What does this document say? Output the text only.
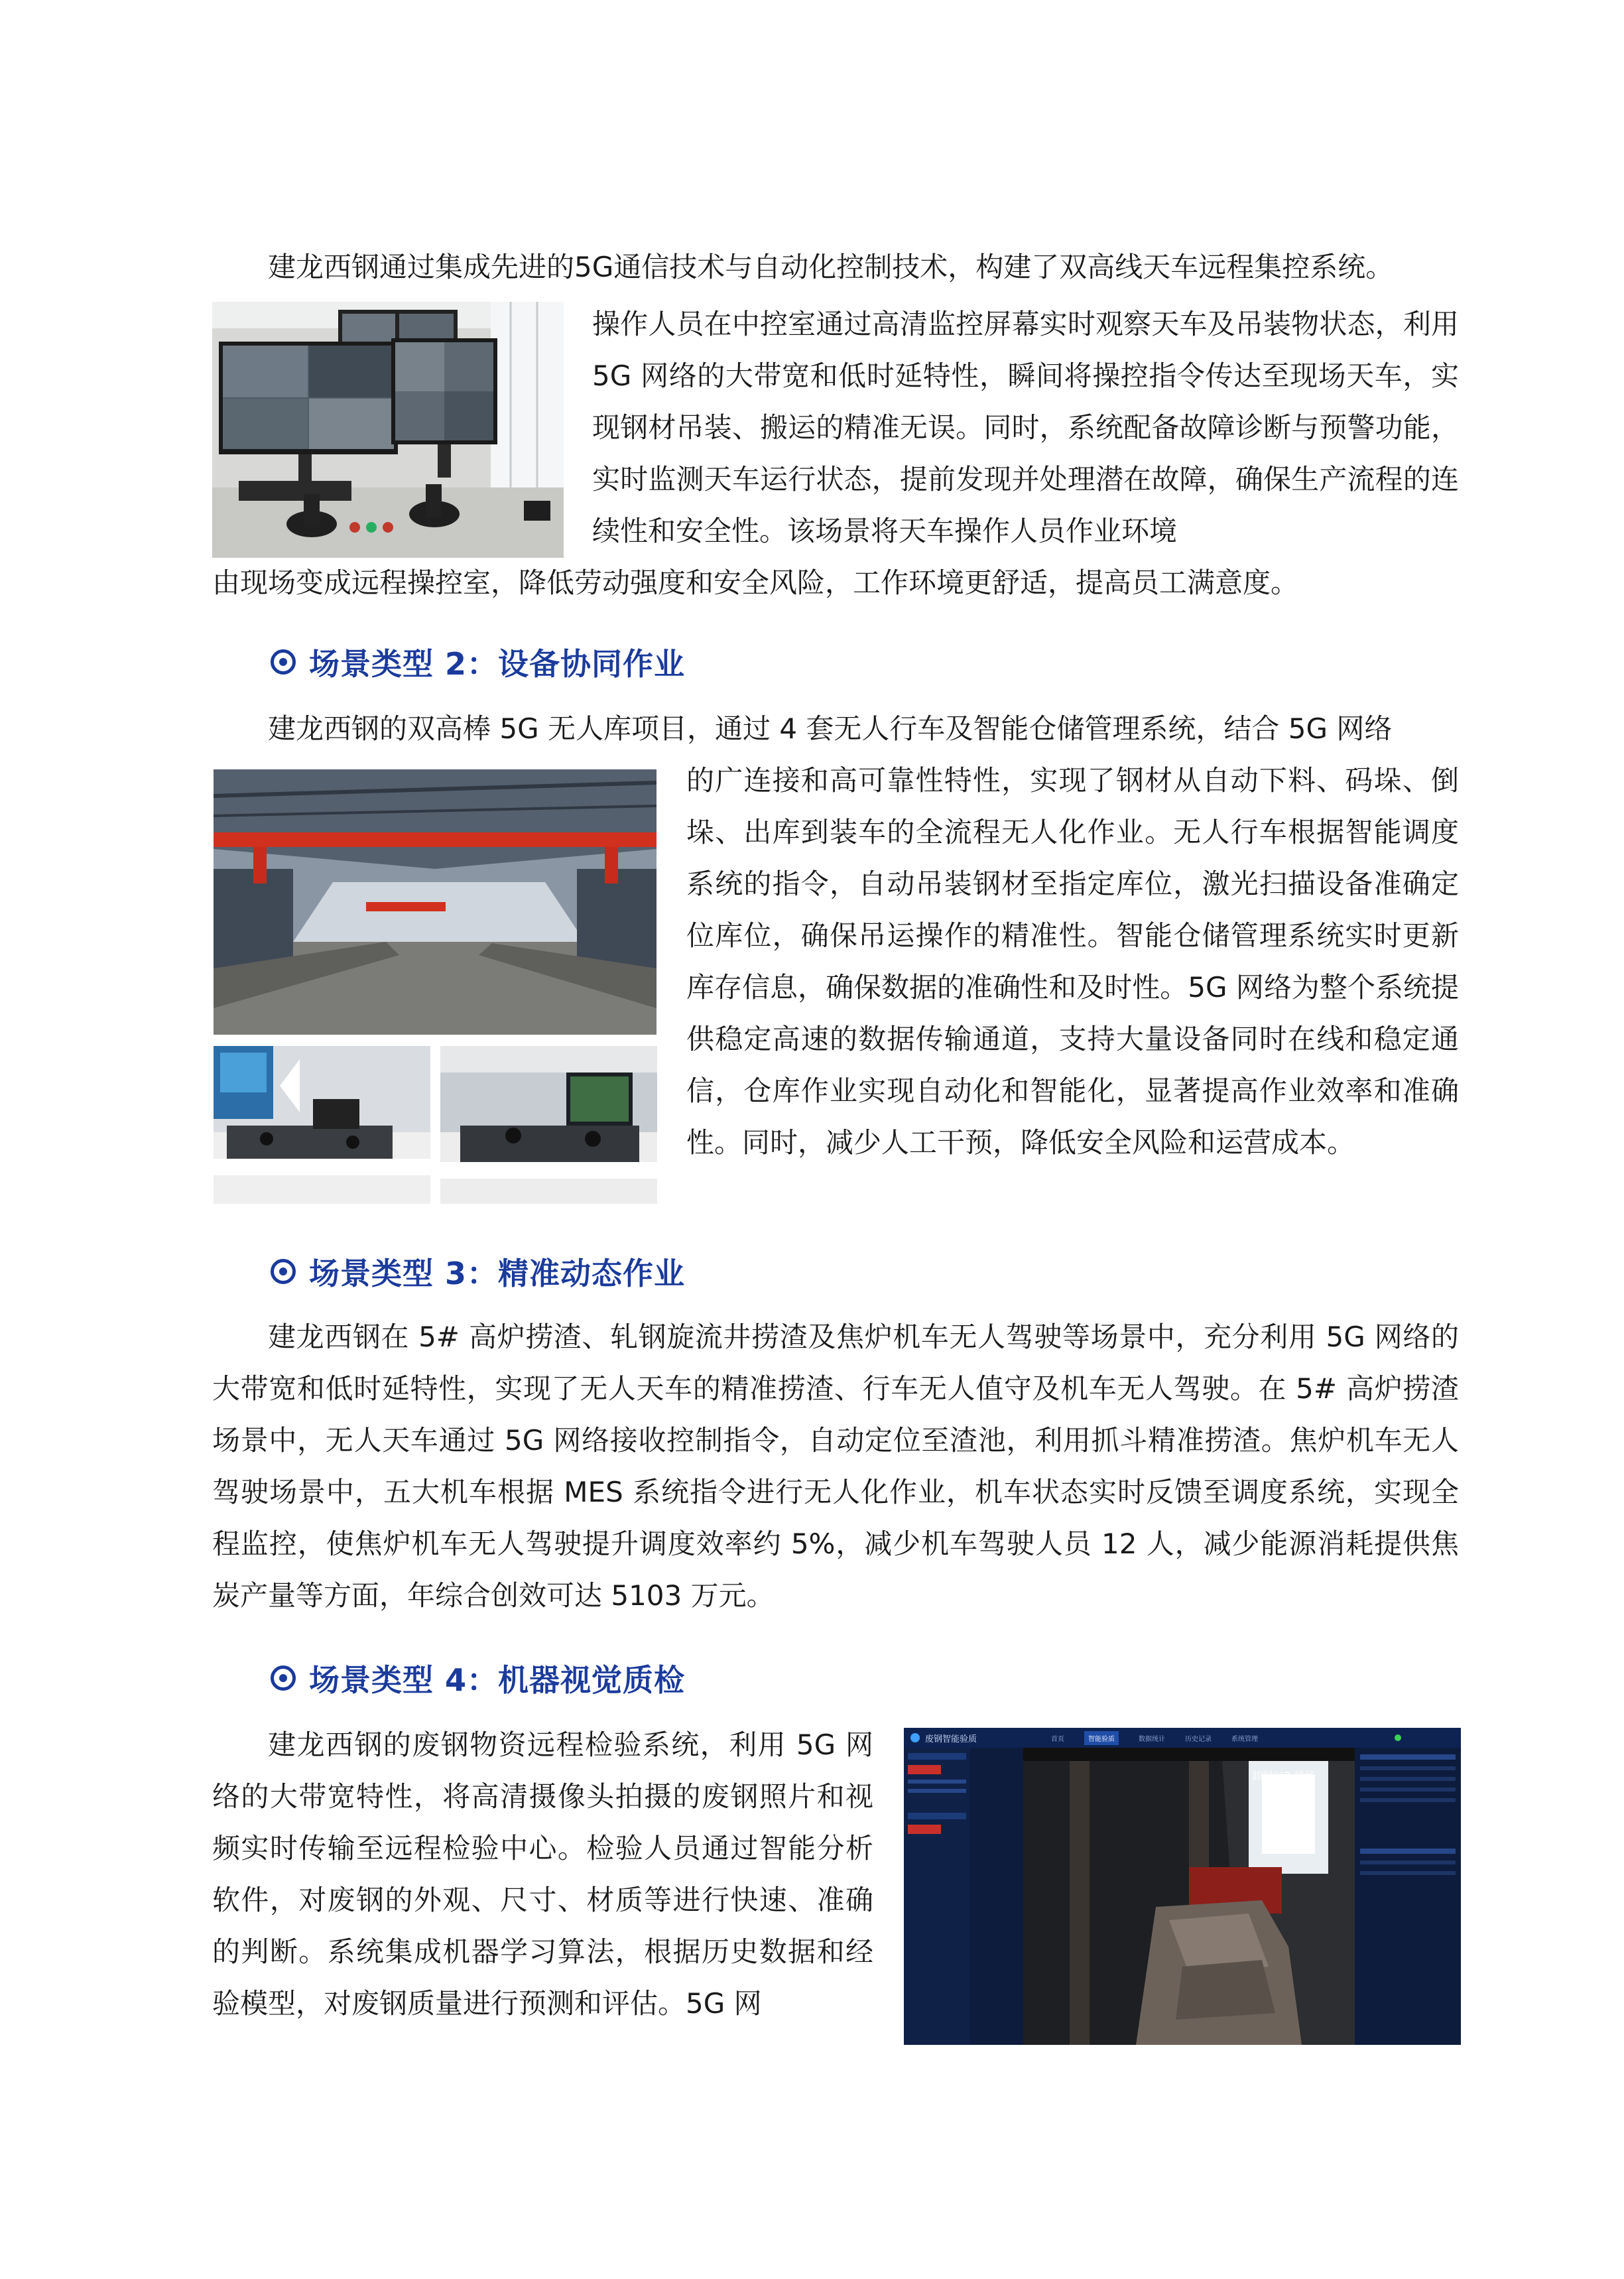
建龙西钢通过集成先进的5G通信技术与自动化控制技术，构建了双高线天车远程集控系统。

操作人员在中控室通过高清监控屏幕实时观察天车及吊装物状态，利用 5G 网络的大带宽和低时延特性，瞬间将操控指令传达至现场天车，实现钢材吊装、搬运的精准无误。同时，系统配备故障诊断与预警功能，实时监测天车运行状态，提前发现并处理潜在故障，确保生产流程的连续性和安全性。该场景将天车操作人员作业环境

由现场变成远程操控室，降低劳动强度和安全风险，工作环境更舒适，提高员工满意度。

场景类型 2：设备协同作业

建龙西钢的双高棒 5G 无人库项目，通过 4 套无人行车及智能仓储管理系统，结合 5G 网络

的广连接和高可靠性特性，实现了钢材从自动下料、码垛、倒垛、出库到装车的全流程无人化作业。无人行车根据智能调度系统的指令，自动吊装钢材至指定库位，激光扫描设备准确定位库位，确保吊运操作的精准性。智能仓储管理系统实时更新库存信息，确保数据的准确性和及时性。5G 网络为整个系统提供稳定高速的数据传输通道，支持大量设备同时在线和稳定通信，仓库作业实现自动化和智能化，显著提高作业效率和准确性。同时，减少人工干预，降低安全风险和运营成本。

场景类型 3：精准动态作业

建龙西钢在 5# 高炉捞渣、轧钢旋流井捞渣及焦炉机车无人驾驶等场景中，充分利用 5G 网络的大带宽和低时延特性，实现了无人天车的精准捞渣、行车无人值守及机车无人驾驶。在 5# 高炉捞渣场景中，无人天车通过 5G 网络接收控制指令，自动定位至渣池，利用抓斗精准捞渣。焦炉机车无人驾驶场景中，五大机车根据 MES 系统指令进行无人化作业，机车状态实时反馈至调度系统，实现全程监控，使焦炉机车无人驾驶提升调度效率约 5%，减少机车驾驶人员 12 人，减少能源消耗提供焦炭产量等方面，年综合创效可达 5103 万元。

场景类型 4：机器视觉质检

建龙西钢的废钢物资远程检验系统，利用 5G 网络的大带宽特性，将高清摄像头拍摄的废钢照片和视频实时传输至远程检验中心。检验人员通过智能分析软件，对废钢的外观、尺寸、材质等进行快速、准确的判断。系统集成机器学习算法，根据历史数据和经验模型，对废钢质量进行预测和评估。5G 网

废钢智能验质	首页	智能验质	数据统计	历史记录	系统管理
卸料口2 球场
